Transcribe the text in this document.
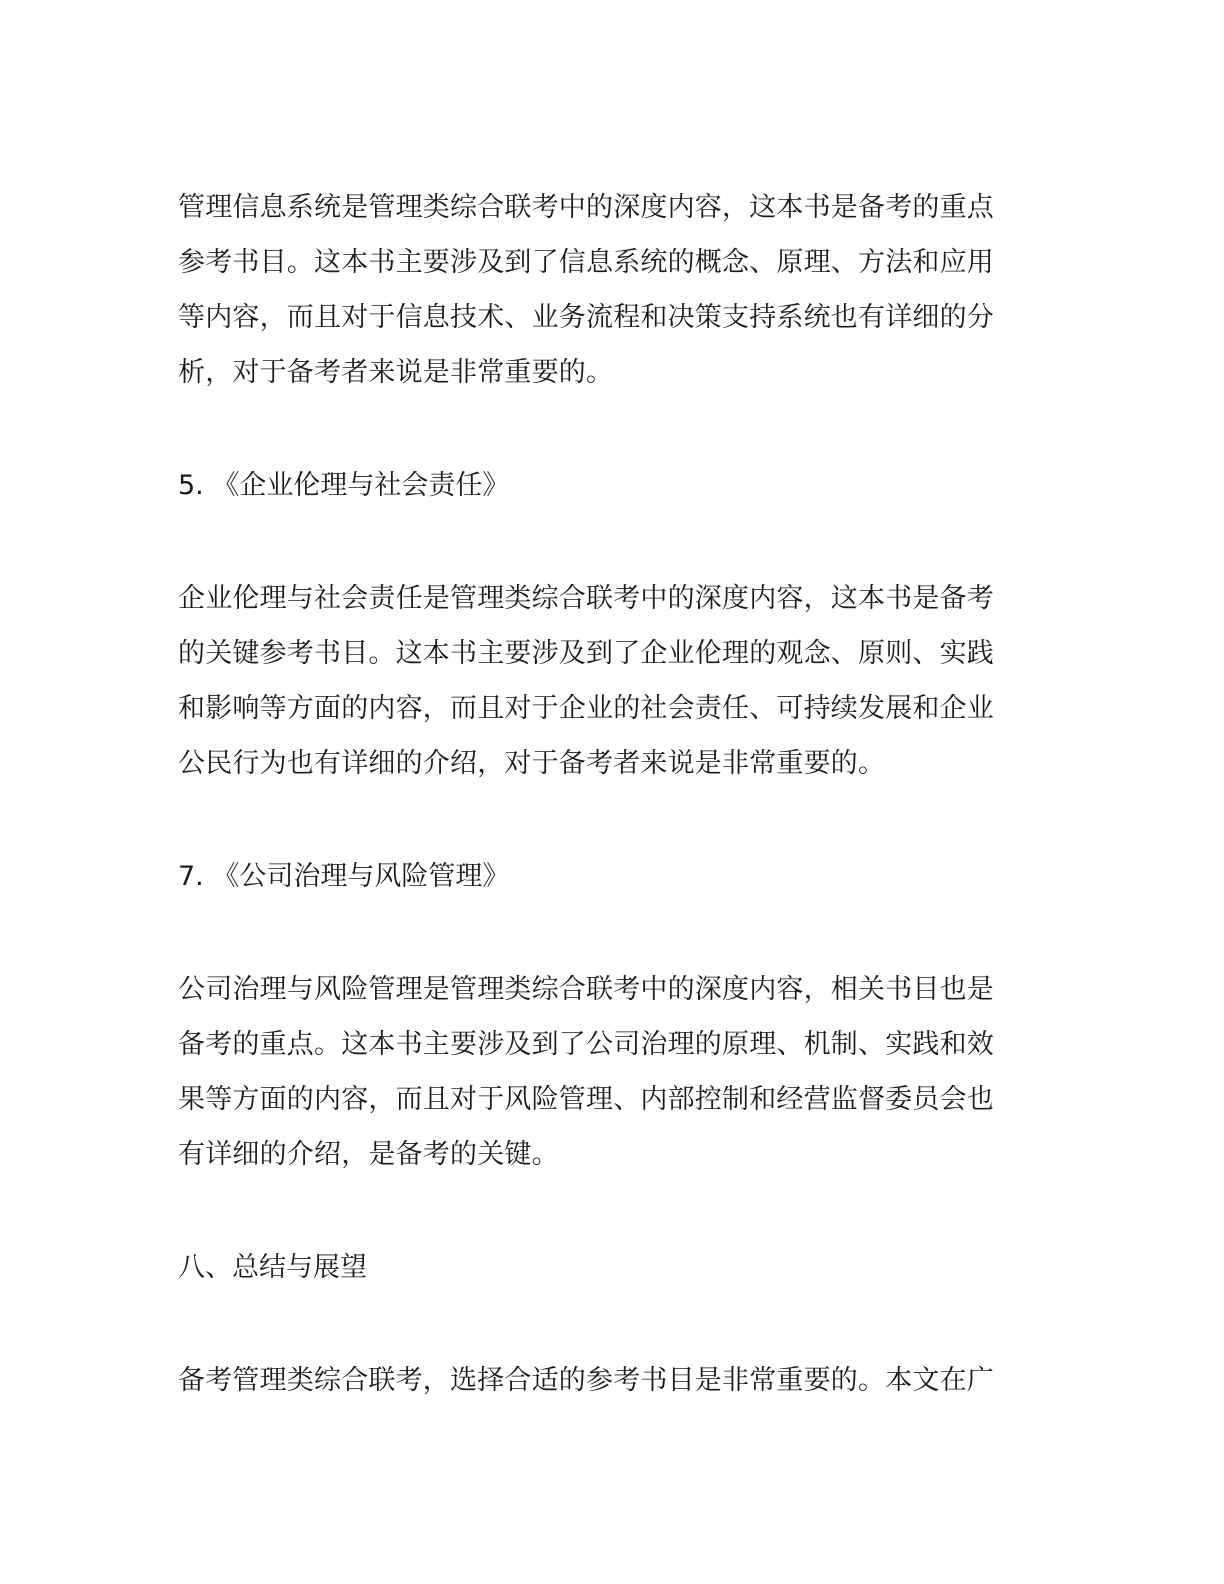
管理信息系统是管理类综合联考中的深度内容，这本书是备考的重点
参考书目。这本书主要涉及到了信息系统的概念、原理、方法和应用
等内容，而且对于信息技术、业务流程和决策支持系统也有详细的分
析，对于备考者来说是非常重要的。

5. 《企业伦理与社会责任》

企业伦理与社会责任是管理类综合联考中的深度内容，这本书是备考
的关键参考书目。这本书主要涉及到了企业伦理的观念、原则、实践
和影响等方面的内容，而且对于企业的社会责任、可持续发展和企业
公民行为也有详细的介绍，对于备考者来说是非常重要的。

7. 《公司治理与风险管理》

公司治理与风险管理是管理类综合联考中的深度内容，相关书目也是
备考的重点。这本书主要涉及到了公司治理的原理、机制、实践和效
果等方面的内容，而且对于风险管理、内部控制和经营监督委员会也
有详细的介绍，是备考的关键。

八、总结与展望

备考管理类综合联考，选择合适的参考书目是非常重要的。本文在广
